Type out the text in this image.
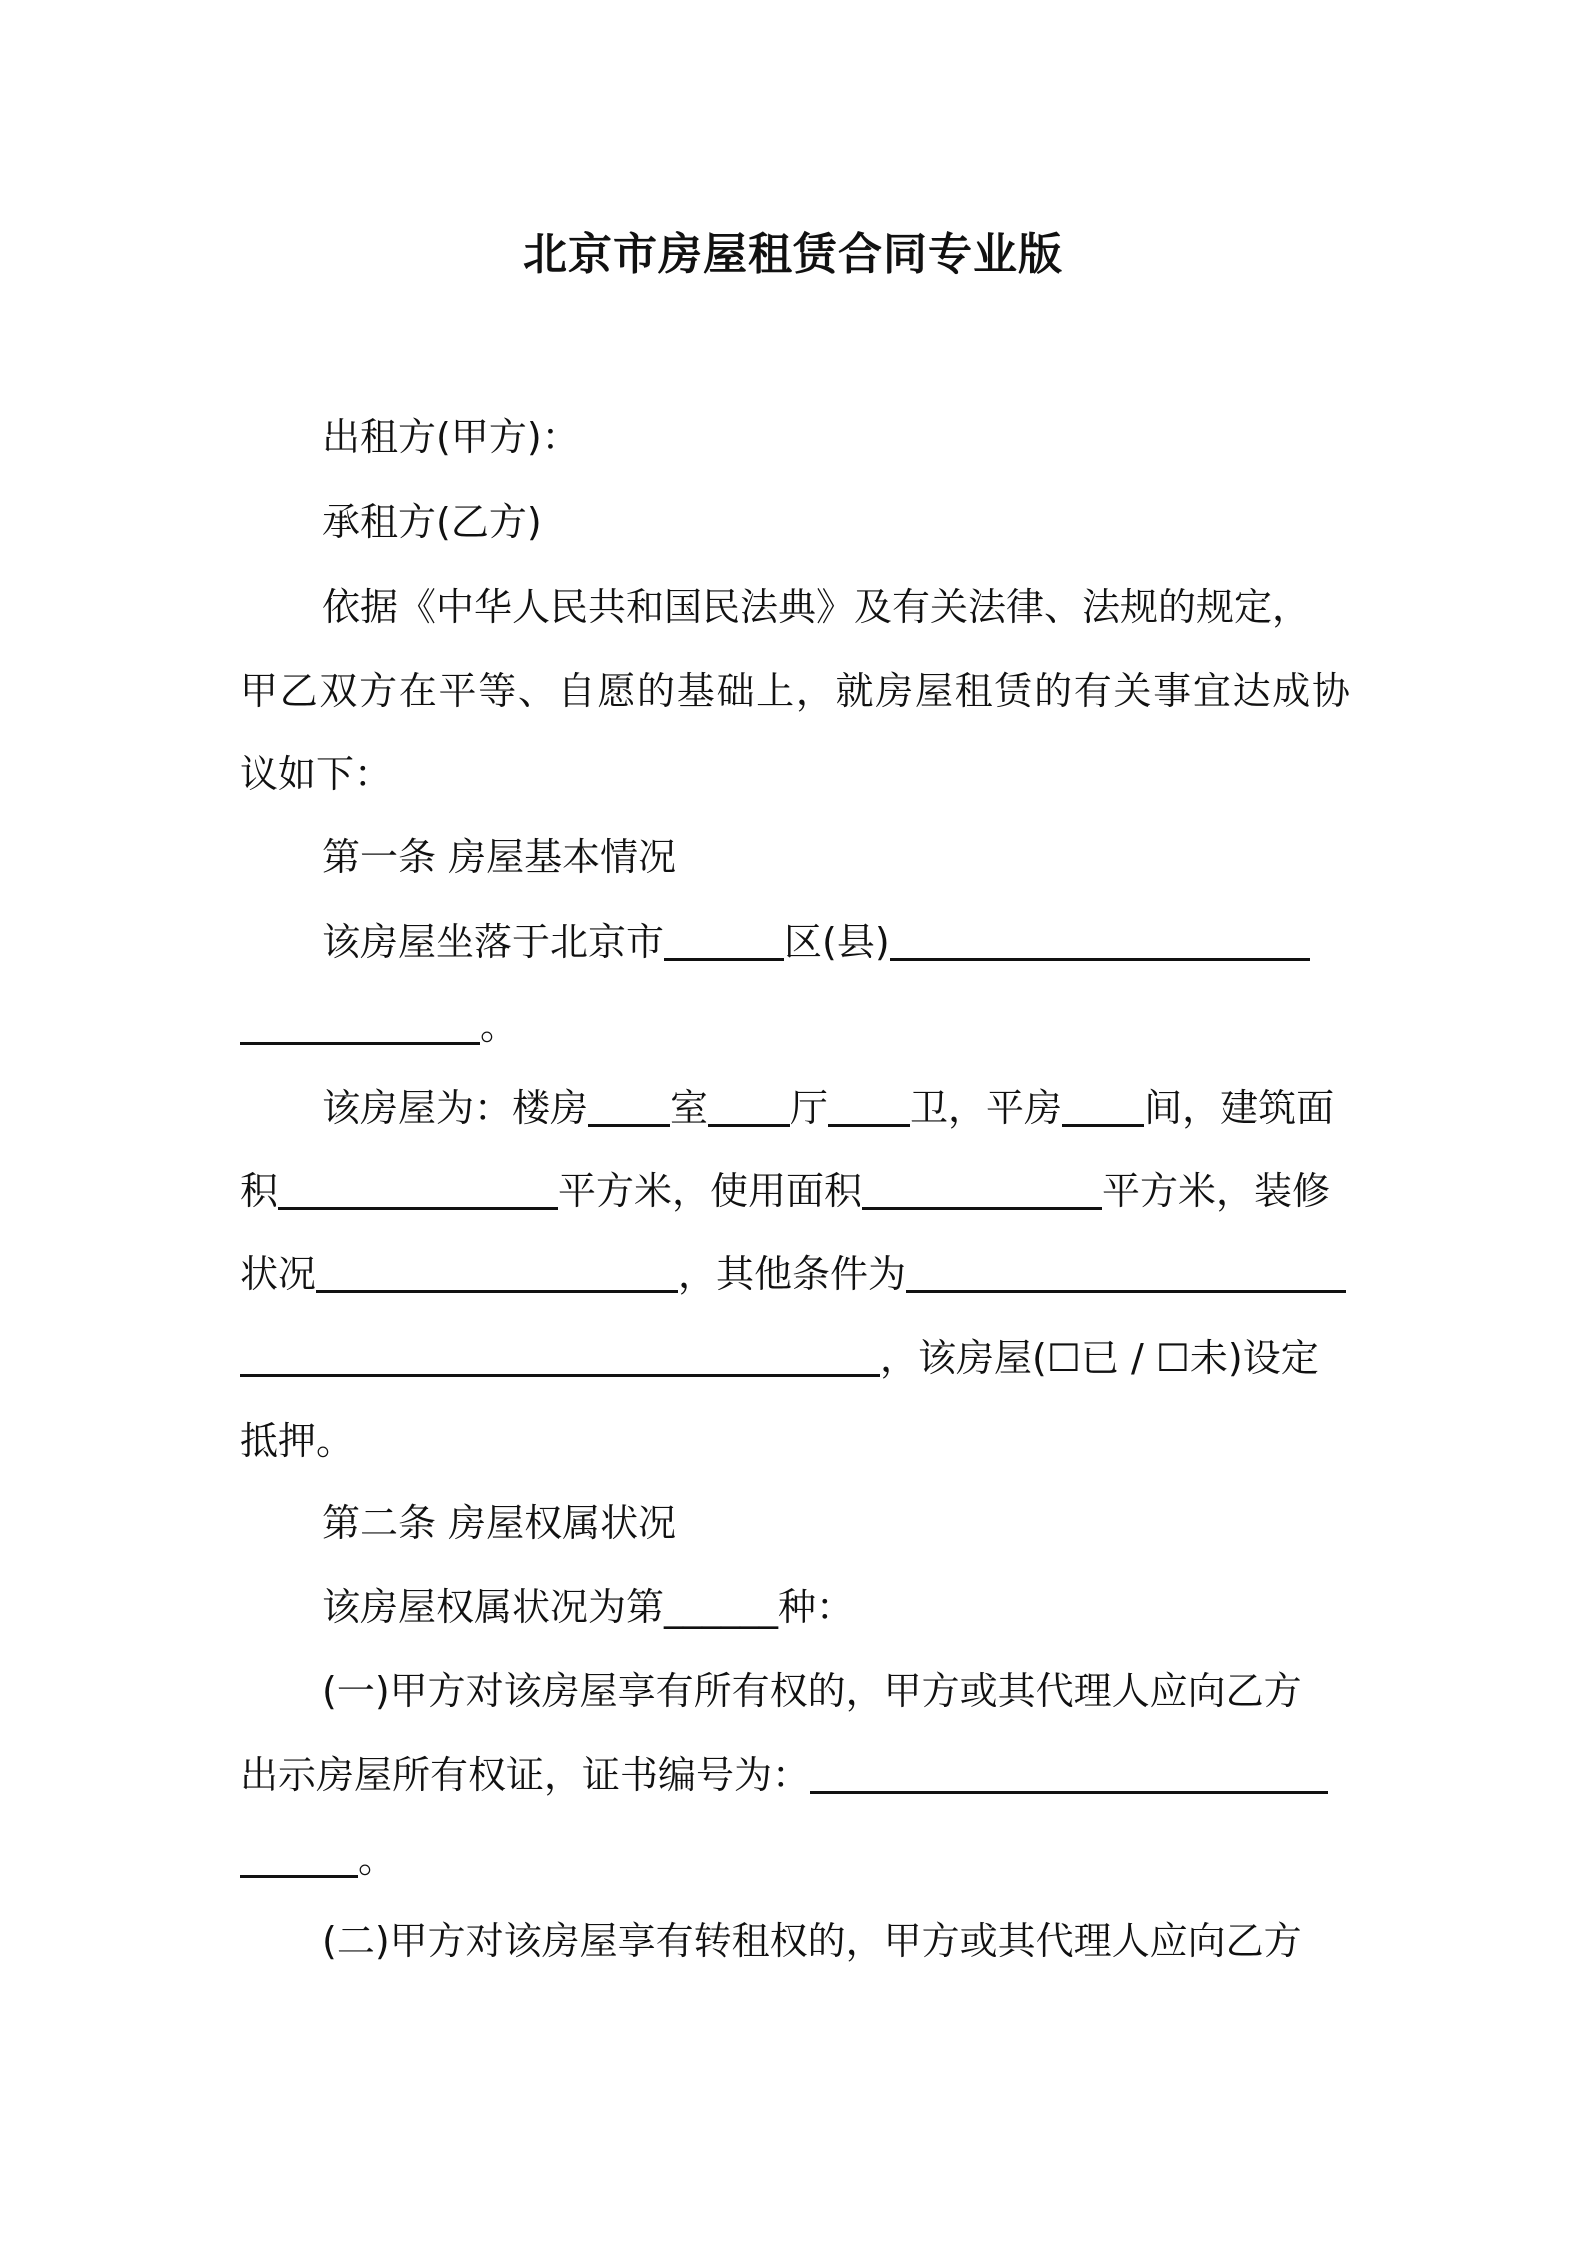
北京市房屋租赁合同专业版
出租方(甲方)：
承租方(乙方)
依据《中华人民共和国民法典》及有关法律、法规的规定，
甲乙双方在平等、自愿的基础上，就房屋租赁的有关事宜达成协
议如下：
第一条 房屋基本情况
该房屋坐落于北京市	区(县)
。
该房屋为：楼房 室 厅 卫，平房 间，建筑面
积	平方米，使用面积	平方米，装修
状况	，其他条件为
，该房屋(☐已 / ☐未)设定
抵押。
第二条 房屋权属状况
该房屋权属状况为第______种：
(一)甲方对该房屋享有所有权的，甲方或其代理人应向乙方
出示房屋所有权证，证书编号为：
。
(二)甲方对该房屋享有转租权的，甲方或其代理人应向乙方
